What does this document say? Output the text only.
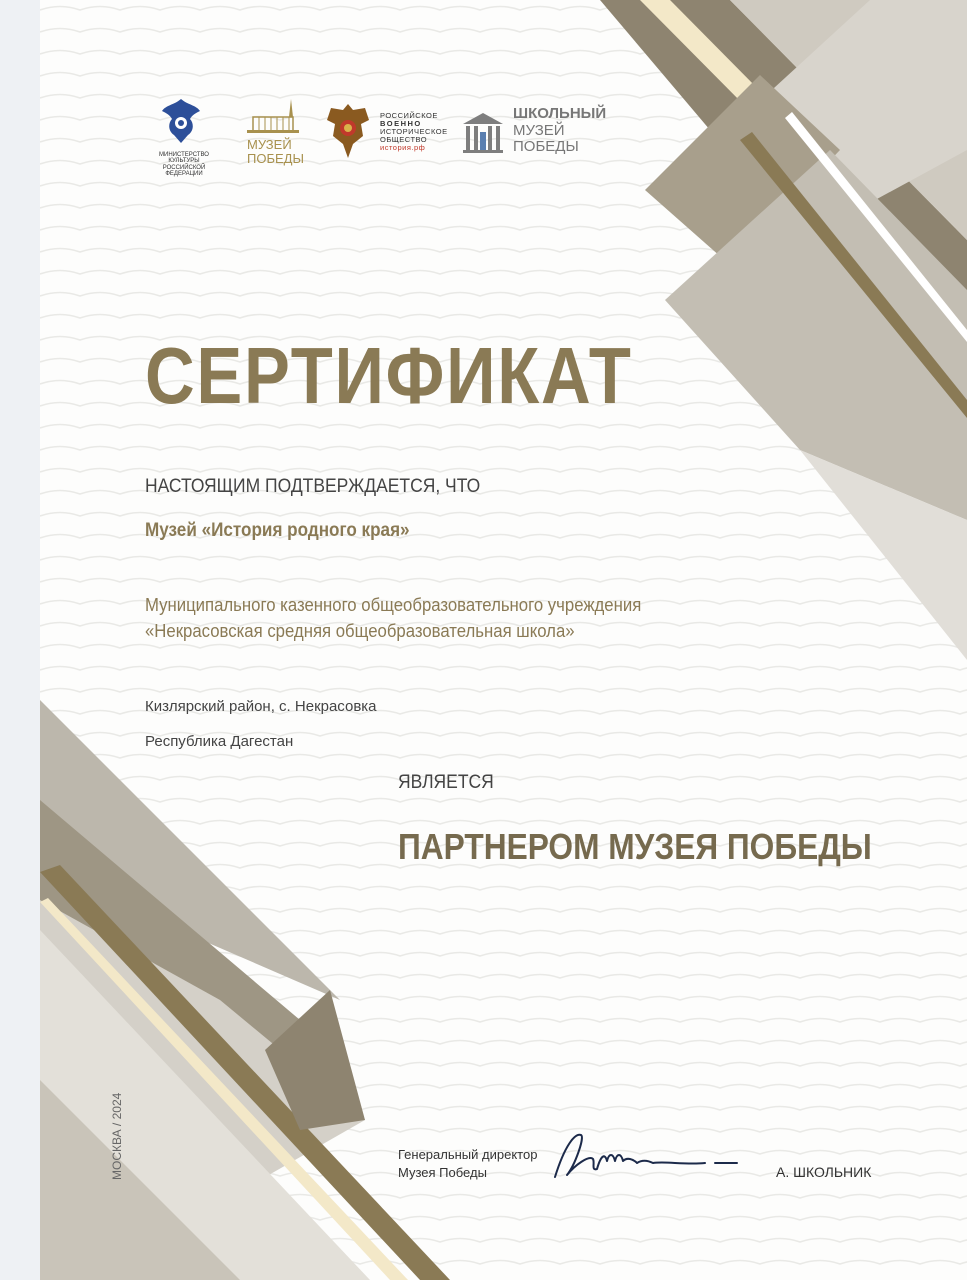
МИНИСТЕРСТВО КУЛЬТУРЫ
РОССИЙСКОЙ ФЕДЕРАЦИИ
МУЗЕЙ
ПОБЕДЫ
РОССИЙСКОЕ
ВОЕННО
ИСТОРИЧЕСКОЕ
ОБЩЕСТВО
история.рф
ШКОЛЬНЫЙ
МУЗЕЙ
ПОБЕДЫ
СЕРТИФИКАТ

НАСТОЯЩИМ ПОДТВЕРЖДАЕТСЯ, ЧТО

Музей «История родного края»

Муниципального казенного общеобразовательного учреждения

«Некрасовская средняя общеобразовательная школа»

Кизлярский район, с. Некрасовка

Республика Дагестан

ЯВЛЯЕТСЯ

ПАРТНЕРОМ МУЗЕЯ ПОБЕДЫ

Генеральный директор

Музея Победы	А. ШКОЛЬНИК

МОСКВА / 2024
